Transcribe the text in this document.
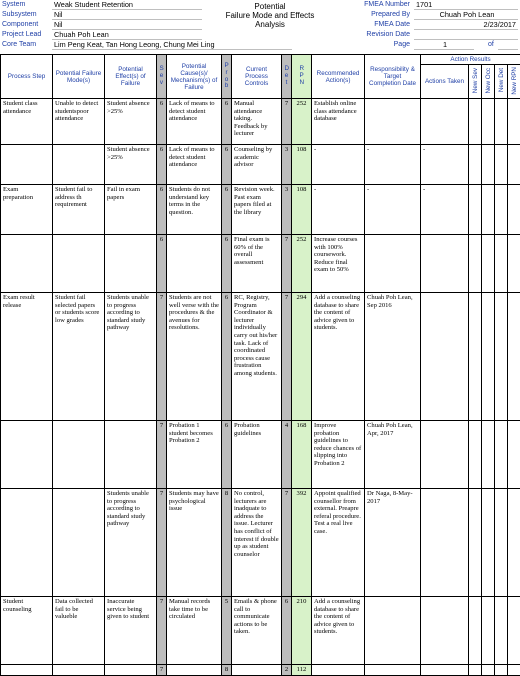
Potential
Failure Mode and Effects Analysis
System	Weak Student Retention
Subsystem Nil
Component Nil
Project Lead Chuah Poh Lean
Core Team Lim Peng Keat, Tan Hong Leong, Chung Mei Ling
FMEA Number 1701
Prepared By	Chuah Poh Lean
FMEA Date	2/23/2017
Revision Date
Page	1	of
Process Step	Potential Failure Mode(s)	Potential Effect(s) of Failure	S e v	Potential Cause(s)/ Mechanism(s) of Failure	P r o b	Current Process Controls	D e t	R P N	Recommended Action(s)	Responsibility & Target Completion Date	Action Results				
											Actions Taken	New Sev	New Occ	New Det	New RPN
Student class attendance	Unable to detect studentspoor attendance	Student absence >25%	6	Lack of means to detect student attendance	6	Manual attendance taking. Feedback by lecturer	7	252	Establish online class attendance database						
		Student absence >25%	6	Lack of means to detect student attendance	6	Counseling by academic advisor	3	108	-	-	-				
Exam preparation	Student fail to address th requirement	Fail in exam papers	6	Students do not understand key terms in the question.	6	Revision week. Past exam papers filed at the library	3	108	-	-	-				
			6		6	Final exam is 60% of the overall assessment	7	252	Increase courses with 100% coursework. Reduce final exam to 50%						
Exam result release	Student fail selected papers or students score low grades	Students unable to progress according to standard study pathway	7	Students are not well verse with the procedures & the avenues for resolutions.	6	RC, Registry, Program Coordinator & lecturer individually carry out his/her task. Lack of coordinated process cause frustration among students.	7	294	Add a counseling database to share the content of advice given to students.	Chuah Poh Lean, Sep 2016					
			7	Probation 1 student becomes Probation 2	6	Probation guidelines	4	168	Improve probation guidelines to reduce chances of slipping into Probation 2	Chuah Poh Lean, Apr, 2017					
		Students unable to progress according to standard study pathway	7	Students may have psychological issue	8	No control, lecturers are inadquate to address the issue. Lecturer has conflict of interest if double up as student counselor	7	392	Appoint qualified counsellor from external. Preapre referal procedure. Test a real live case.	Dr Naga, 8-May-2017					
Student counseling	Data collected fail to be valueble	Inaccurate service being given to student	7	Manual records take time to be circulated	5	Emails & phone call to communicate actions to be taken.	6	210	Add a counseling database to share the content of advice given to students.						
			7		8		2	112							
